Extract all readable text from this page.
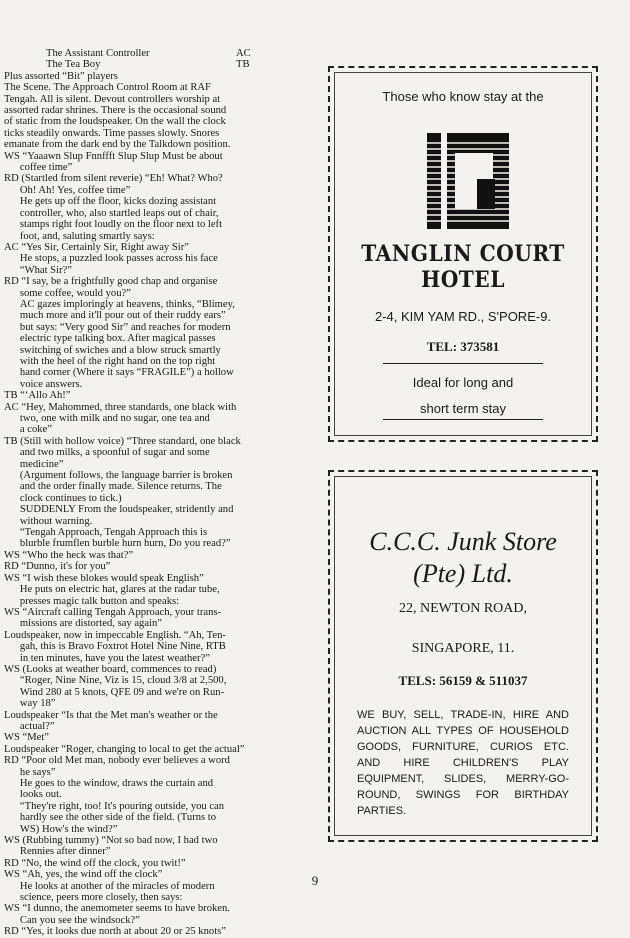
The Assistant Controller	AC
The Tea Boy	TB
Plus assorted “Bit” players
The Scene. The Approach Control Room at RAF
Tengah. All is silent. Devout controllers worship at
assorted radar shrines. There is the occasional sound
of static from the loudspeaker. On the wall the clock
ticks steadily onwards. Time passes slowly. Snores
emanate from the dark end by the Talkdown position.
WS “Yaaawn Slup Fnnffft Slup Slup Must be about
coffee time”
RD (Startled from silent reverie) “Eh! What? Who?
Oh! Ah! Yes, coffee time”
He gets up off the floor, kicks dozing assistant
controller, who, also startled leaps out of chair,
stamps right foot loudly on the floor next to left
foot, and, saluting smartly says:
AC “Yes Sir, Certainly Sir, Right away Sir”
He stops, a puzzled look passes across his face
“What Sir?”
RD “I say, be a frightfully good chap and organise
some coffee, would you?”
AC gazes imploringly at heavens, thinks, “Blimey,
much more and it'll pour out of their ruddy ears”
but says: “Very good Sir” and reaches for modern
electric type talking box. After magical passes
switching of swiches and a blow struck smartly
with the heel of the right hand on the top right
hand corner (Where it says “FRAGILE”) a hollow
voice answers.
TB “‘Allo Ah!”
AC “Hey, Mahommed, three standards, one black with
two, one with milk and no sugar, one tea and
a coke”
TB (Still with hollow voice) “Three standard, one black
and two milks, a spoonful of sugar and some
medicine”
(Argument follows, the language barrier is broken
and the order finally made. Silence returns. The
clock continues to tick.)
SUDDENLY From the loudspeaker, stridently and
without warning.
“Tengah Approach, Tengah Approach this is
blurble frumflen burble hurn hurn, Do you read?”
WS “Who the heck was that?”
RD “Dunno, it's for you”
WS “I wish these blokes would speak English”
He puts on electric hat, glares at the radar tube,
presses magic talk button and speaks:
WS “Aircraft calling Tengah Approach, your trans-
missions are distorted, say again”
Loudspeaker, now in impeccable English. “Ah, Ten-
gah, this is Bravo Foxtrot Hotel Nine Nine, RTB
in ten minutes, have you the latest weather?”
WS (Looks at weather board, commences to read)
“Roger, Nine Nine, Viz is 15, cloud 3/8 at 2,500,
Wind 280 at 5 knots, QFE 09 and we're on Run-
way 18”
Loudspeaker “Is that the Met man's weather or the
actual?”
WS “Met”
Loudspeaker “Roger, changing to local to get the actual”
RD “Poor old Met man, nobody ever believes a word
he says”
He goes to the window, draws the curtain and
looks out.
“They're right, too! It's pouring outside, you can
hardly see the other side of the field. (Turns to
WS) How's the wind?”
WS (Rubbing tummy) “Not so bad now, I had two
Rennies after dinner”
RD “No, the wind off the clock, you twit!”
WS “Ah, yes, the wind off the clock”
He looks at another of the miracles of modern
science, peers more closely, then says:
WS “I dunno, the anemometer seems to have broken.
Can you see the windsock?”
RD “Yes, it looks due north at about 20 or 25 knots”
Those who know stay at the
TANGLIN COURT HOTEL
2-4, KIM YAM RD., S'PORE-9.
TEL: 373581
Ideal for long and
short term stay
C.C.C. Junk Store
(Pte) Ltd.
22, NEWTON ROAD,
SINGAPORE, 11.
TELS: 56159 & 511037
WE BUY, SELL, TRADE-IN, HIRE AND AUCTION ALL TYPES OF HOUSEHOLD GOODS, FURNITURE, CURIOS ETC. AND HIRE CHILDREN'S PLAY EQUIPMENT, SLIDES, MERRY-GO-ROUND, SWINGS FOR BIRTHDAY PARTIES.
9
